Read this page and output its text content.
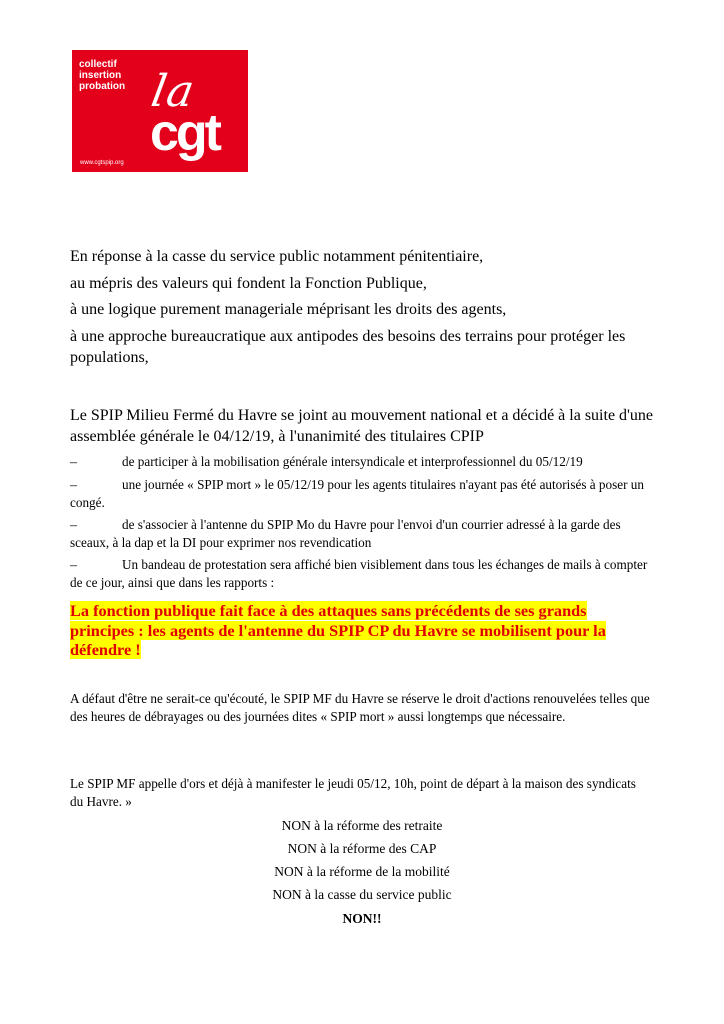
collectif
insertion
probation la
cgt
www.cgtspip.org

En réponse à la casse du service public notamment pénitentiaire,

au mépris des valeurs qui fondent la Fonction Publique,

à une logique purement manageriale méprisant les droits des agents,

à une approche bureaucratique aux antipodes des besoins des terrains pour protéger les populations,

Le SPIP Milieu Fermé du Havre se joint au mouvement national et a décidé à la suite d'une assemblée générale le 04/12/19, à l'unanimité des titulaires CPIP
–	de participer à la mobilisation générale intersyndicale et interprofessionnel du 05/12/19
–	une journée « SPIP mort » le 05/12/19 pour les agents titulaires n'ayant pas été autorisés à poser un congé.
–	de s'associer à l'antenne du SPIP Mo du Havre pour l'envoi d'un courrier adressé à la garde des sceaux, à la dap et la DI pour exprimer nos revendication
–	Un bandeau de protestation sera affiché bien visiblement dans tous les échanges de mails à compter de ce jour, ainsi que dans les rapports :
La fonction publique fait face à des attaques sans précédents de ses grands principes : les agents de l'antenne du SPIP CP du Havre se mobilisent pour la défendre !
A défaut d'être ne serait-ce qu'écouté, le SPIP MF du Havre se réserve le droit d'actions renouvelées telles que des heures de débrayages ou des journées dites « SPIP mort » aussi longtemps que nécessaire.
Le SPIP MF appelle d'ors et déjà à manifester le jeudi 05/12, 10h, point de départ à la maison des syndicats du Havre. »
NON à la réforme des retraite
NON à la réforme des CAP
NON à la réforme de la mobilité
NON à la casse du service public
NON!!
